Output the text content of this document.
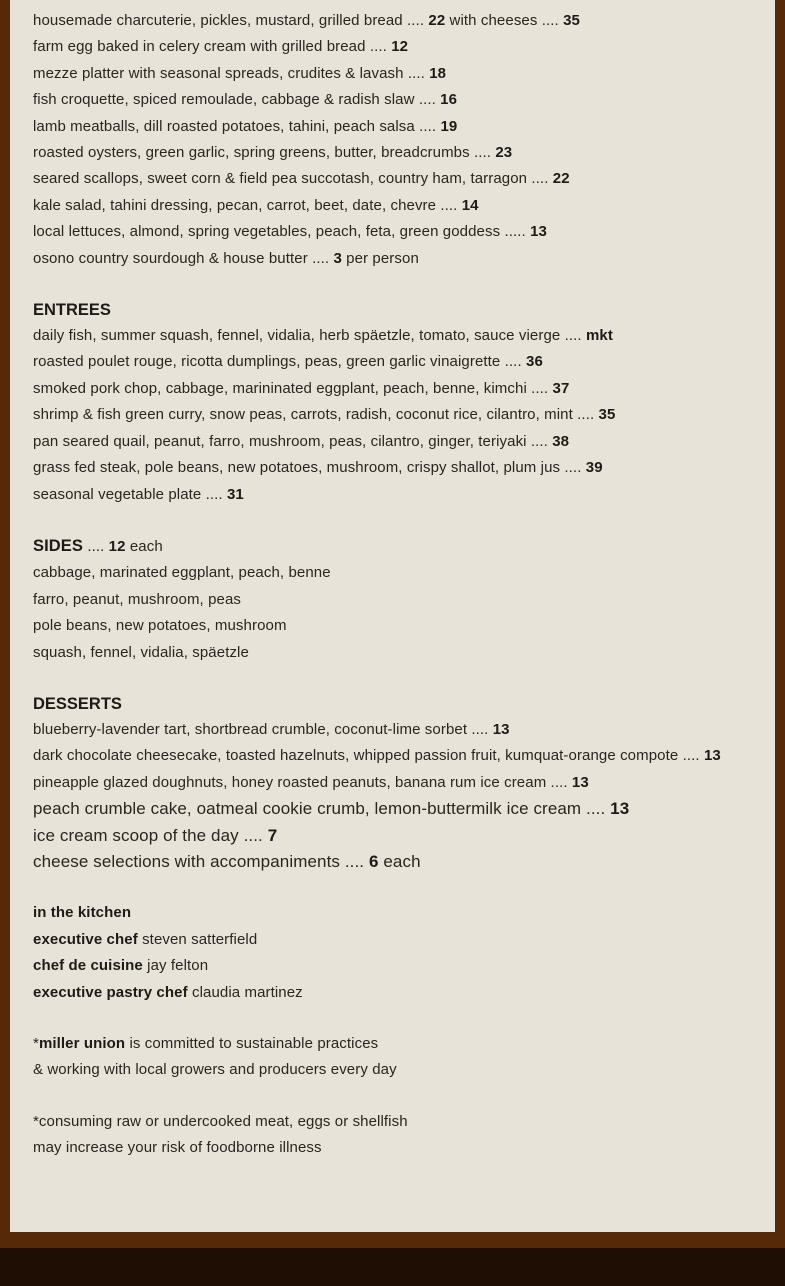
housemade charcuterie, pickles, mustard, grilled bread .... 22 with cheeses .... 35
farm egg baked in celery cream with grilled bread .... 12
mezze platter with seasonal spreads, crudites & lavash .... 18
fish croquette, spiced remoulade, cabbage & radish slaw .... 16
lamb meatballs, dill roasted potatoes, tahini, peach salsa .... 19
roasted oysters, green garlic, spring greens, butter, breadcrumbs .... 23
seared scallops, sweet corn & field pea succotash, country ham, tarragon .... 22
kale salad, tahini dressing, pecan, carrot, beet, date, chevre .... 14
local lettuces, almond, spring vegetables, peach, feta, green goddess ..... 13
osono country sourdough & house butter .... 3 per person
ENTREES
daily fish, summer squash, fennel, vidalia, herb späetzle, tomato, sauce vierge .... mkt
roasted poulet rouge, ricotta dumplings, peas, green garlic vinaigrette .... 36
smoked pork chop, cabbage, marininated eggplant, peach, benne, kimchi .... 37
shrimp & fish green curry, snow peas, carrots, radish, coconut rice, cilantro, mint .... 35
pan seared quail, peanut, farro, mushroom, peas, cilantro, ginger, teriyaki .... 38
grass fed steak, pole beans, new potatoes, mushroom, crispy shallot, plum jus .... 39
seasonal vegetable plate .... 31
SIDES .... 12 each
cabbage, marinated eggplant, peach, benne
farro, peanut, mushroom, peas
pole beans, new potatoes, mushroom
squash, fennel, vidalia, späetzle
DESSERTS
blueberry-lavender tart, shortbread crumble, coconut-lime sorbet .... 13
dark chocolate cheesecake, toasted hazelnuts, whipped passion fruit, kumquat-orange compote .... 13
pineapple glazed doughnuts, honey roasted peanuts, banana rum ice cream .... 13
peach crumble cake, oatmeal cookie crumb, lemon-buttermilk ice cream .... 13
ice cream scoop of the day .... 7
cheese selections with accompaniments .... 6 each
in the kitchen
executive chef steven satterfield
chef de cuisine jay felton
executive pastry chef claudia martinez
*miller union is committed to sustainable practices
& working with local growers and producers every day
*consuming raw or undercooked meat, eggs or shellfish
may increase your risk of foodborne illness
